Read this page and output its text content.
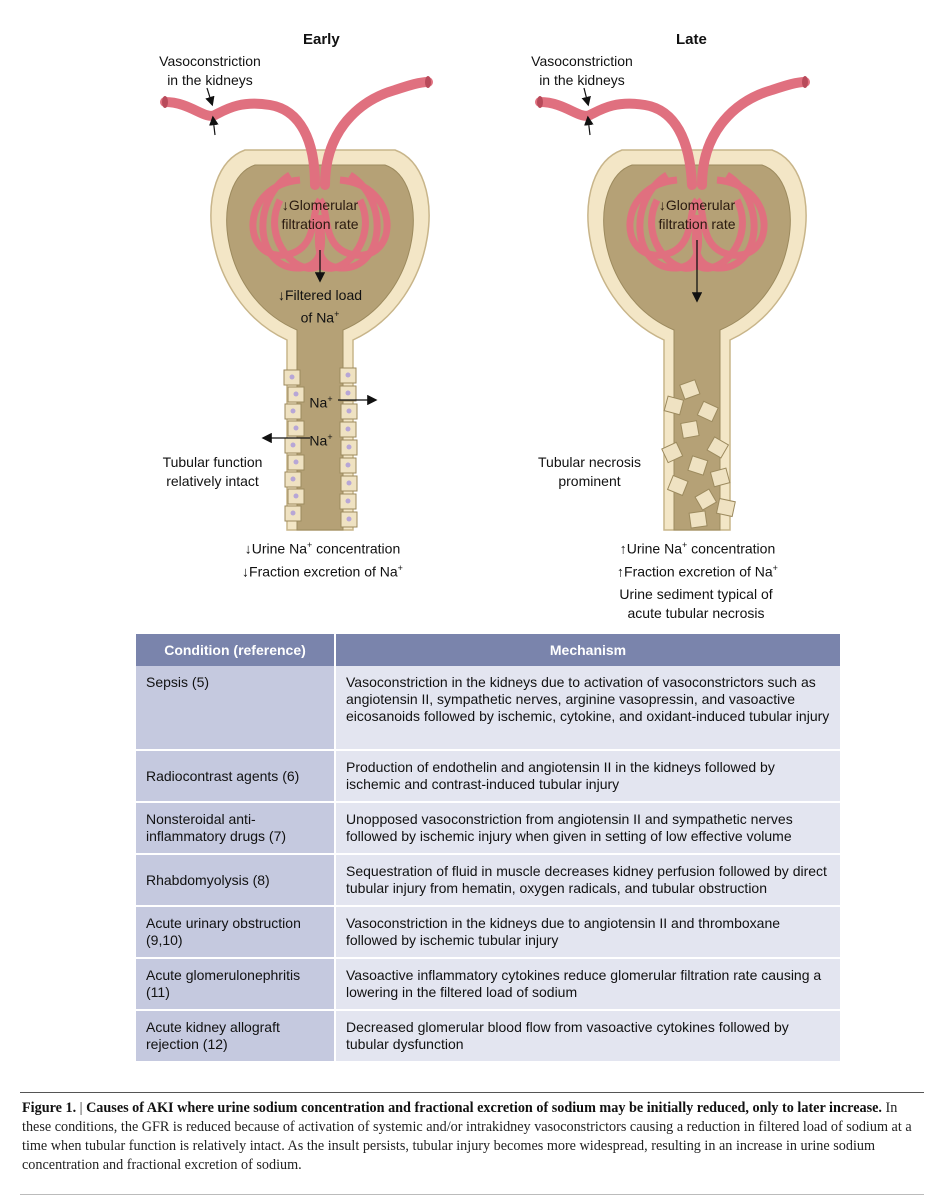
Early
Vasoconstriction
in the kidneys
↓Glomerular
filtration rate
↓Filtered load
of Na+
Na+
Na+
Tubular function
relatively intact
↓Urine Na+ concentration
↓Fraction excretion of Na+
Late
Vasoconstriction
in the kidneys
↓Glomerular
filtration rate
Tubular necrosis
prominent
↑Urine Na+ concentration
↑Fraction excretion of Na+
Urine sediment typical of
acute tubular necrosis
Condition (reference)	Mechanism
Sepsis (5)	Vasoconstriction in the kidneys due to activation of vasoconstrictors such as angiotensin II, sympathetic nerves, arginine vasopressin, and vasoactive eicosanoids followed by ischemic, cytokine, and oxidant-induced tubular injury
Radiocontrast agents (6)	Production of endothelin and angiotensin II in the kidneys followed by ischemic and contrast-induced tubular injury
Nonsteroidal anti-inflammatory drugs (7)	Unopposed vasoconstriction from angiotensin II and sympathetic nerves followed by ischemic injury when given in setting of low effective volume
Rhabdomyolysis (8)	Sequestration of fluid in muscle decreases kidney perfusion followed by direct tubular injury from hematin, oxygen radicals, and tubular obstruction
Acute urinary obstruction (9,10)	Vasoconstriction in the kidneys due to angiotensin II and thromboxane followed by ischemic tubular injury
Acute glomerulonephritis (11)	Vasoactive inflammatory cytokines reduce glomerular filtration rate causing a lowering in the filtered load of sodium
Acute kidney allograft rejection (12)	Decreased glomerular blood flow from vasoactive cytokines followed by tubular dysfunction
Figure 1. | Causes of AKI where urine sodium concentration and fractional excretion of sodium may be initially reduced, only to later increase. In these conditions, the GFR is reduced because of activation of systemic and/or intrakidney vasoconstrictors causing a reduction in filtered load of sodium at a time when tubular function is relatively intact. As the insult persists, tubular injury becomes more widespread, resulting in an increase in urine sodium concentration and fractional excretion of sodium.
